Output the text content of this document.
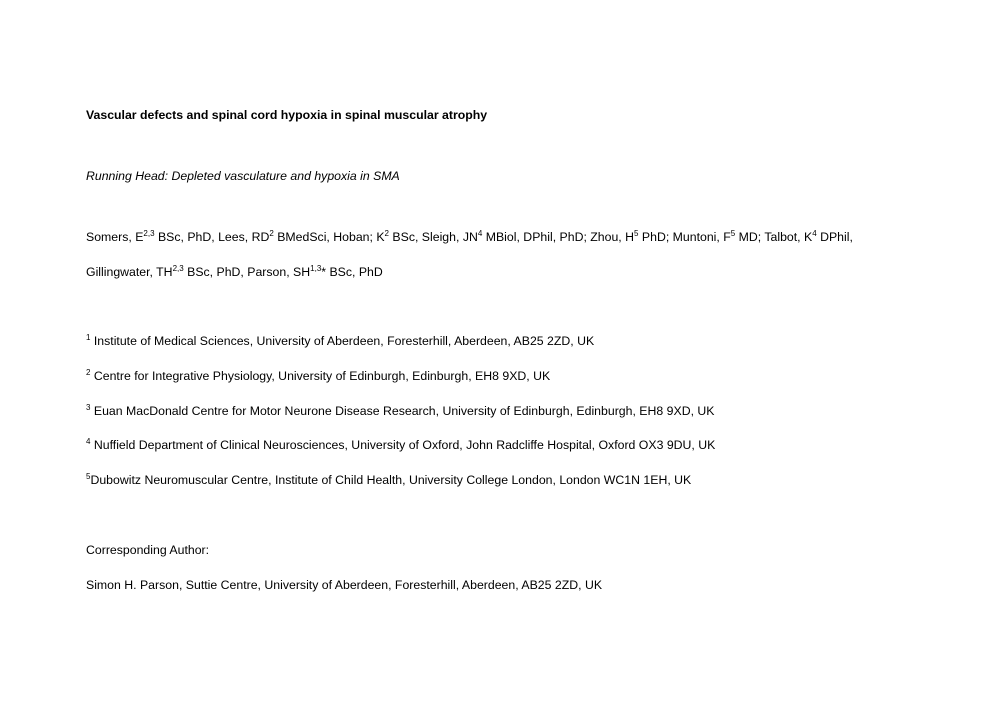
Vascular defects and spinal cord hypoxia in spinal muscular atrophy
Running Head: Depleted vasculature and hypoxia in SMA
Somers, E$^{2,3}$ BSc, PhD, Lees, $RD^2$ BMedSci, Hoban; $K^2$ BSc, Sleigh, $JN^4$ MBiol, DPhil, PhD; Zhou, $H^5$ PhD; Muntoni, $F^5$ MD; Talbot, $K^4$ DPhil,
Gillingwater, TH$^{2,3}$ BSc, PhD, Parson, SH$^{1,3}$* BSc, PhD
$^1$ Institute of Medical Sciences, University of Aberdeen, Foresterhill, Aberdeen, AB25 2ZD, UK
$^2$ Centre for Integrative Physiology, University of Edinburgh, Edinburgh, EH8 9XD, UK
$^3$ Euan MacDonald Centre for Motor Neurone Disease Research, University of Edinburgh, Edinburgh, EH8 9XD, UK
$^4$ Nuffield Department of Clinical Neurosciences, University of Oxford, John Radcliffe Hospital, Oxford OX3 9DU, UK
$^5$Dubowitz Neuromuscular Centre, Institute of Child Health, University College London, London WC1N 1EH, UK
Corresponding Author:
Simon H. Parson, Suttie Centre, University of Aberdeen, Foresterhill, Aberdeen, AB25 2ZD, UK
